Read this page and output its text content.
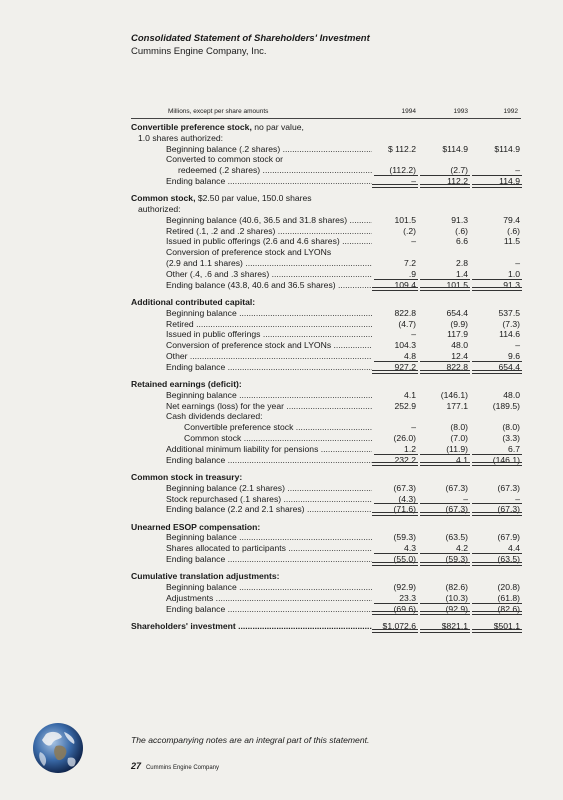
Consolidated Statement of Shareholders' Investment
Cummins Engine Company, Inc.
Millions, except per share amounts	1994	1993	1992
Convertible preference stock, no par value,
1.0 shares authorized:
Beginning balance (.2 shares) .....	$ 112.2	$114.9	$114.9
Converted to common stock or
redeemed (.2 shares) .....	(112.2)	(2.7)	–
Ending balance .....	–	112.2	114.9
Common stock, $2.50 par value, 150.0 shares
authorized:
Beginning balance (40.6, 36.5 and 31.8 shares) .....	101.5	91.3	79.4
Retired (.1, .2 and .2 shares) .....	(.2)	(.6)	(.6)
Issued in public offerings (2.6 and 4.6 shares) .....	–	6.6	11.5
Conversion of preference stock and LYONs
(2.9 and 1.1 shares) .....	7.2	2.8	–
Other (.4, .6 and .3 shares) .....	.9	1.4	1.0
Ending balance (43.8, 40.6 and 36.5 shares) .....	109.4	101.5	91.3
Additional contributed capital:
Beginning balance .....	822.8	654.4	537.5
Retired .....	(4.7)	(9.9)	(7.3)
Issued in public offerings .....	–	117.9	114.6
Conversion of preference stock and LYONs .....	104.3	48.0	–
Other .....	4.8	12.4	9.6
Ending balance .....	927.2	822.8	654.4
Retained earnings (deficit):
Beginning balance .....	4.1	(146.1)	48.0
Net earnings (loss) for the year .....	252.9	177.1	(189.5)
Cash dividends declared:
Convertible preference stock .....	–	(8.0)	(8.0)
Common stock .....	(26.0)	(7.0)	(3.3)
Additional minimum liability for pensions .....	1.2	(11.9)	6.7
Ending balance .....	232.2	4.1	(146.1)
Common stock in treasury:
Beginning balance (2.1 shares) .....	(67.3)	(67.3)	(67.3)
Stock repurchased (.1 shares) .....	(4.3)	–	–
Ending balance (2.2 and 2.1 shares) .....	(71.6)	(67.3)	(67.3)
Unearned ESOP compensation:
Beginning balance .....	(59.3)	(63.5)	(67.9)
Shares allocated to participants .....	4.3	4.2	4.4
Ending balance .....	(55.0)	(59.3)	(63.5)
Cumulative translation adjustments:
Beginning balance .....	(92.9)	(82.6)	(20.8)
Adjustments .....	23.3	(10.3)	(61.8)
Ending balance .....	(69.6)	(92.9)	(82.6)
Shareholders' investment .....	$1,072.6	$821.1	$501.1
The accompanying notes are an integral part of this statement.
27 Cummins Engine Company
